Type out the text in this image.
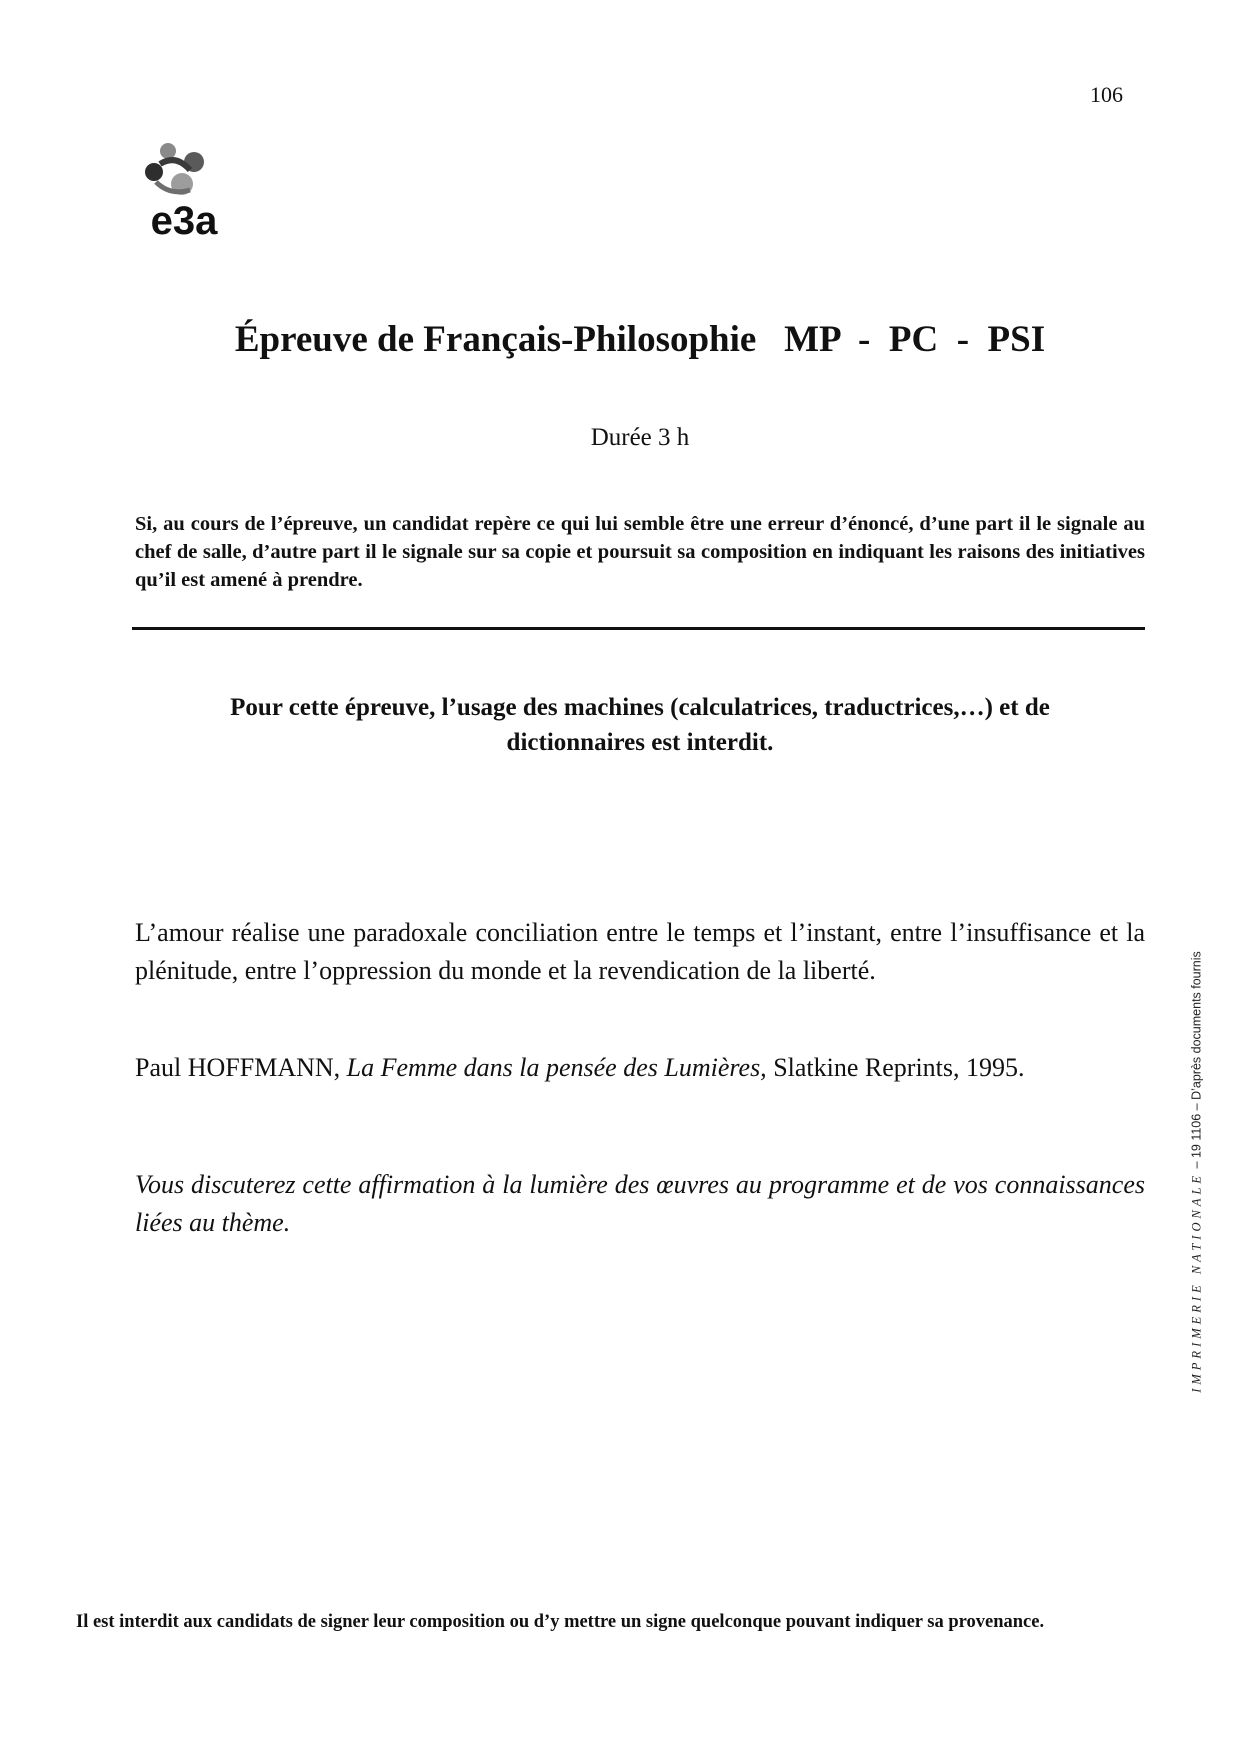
106
e3a
Épreuve de Français-Philosophie   MP  -  PC  -  PSI
Durée 3 h
Si, au cours de l’épreuve, un candidat repère ce qui lui semble être une erreur d’énoncé, d’une part il le signale au chef de salle, d’autre part il le signale sur sa copie et poursuit sa composition en indiquant les raisons des initiatives qu’il est amené à prendre.
Pour cette épreuve, l’usage des machines (calculatrices, traductrices,…) et de
dictionnaires est interdit.

L’amour réalise une paradoxale conciliation entre le temps et l’instant, entre l’insuffisance et la plénitude, entre l’oppression du monde et la revendication de la liberté.

Paul HOFFMANN, La Femme dans la pensée des Lumières, Slatkine Reprints, 1995.
Vous discuterez cette affirmation à la lumière des œuvres au programme et de vos connaissances liées au thème.
Il est interdit aux candidats de signer leur composition ou d’y mettre un signe quelconque pouvant indiquer sa provenance.
IMPRIMERIE NATIONALE – 19 1106 – D’après documents fournis
